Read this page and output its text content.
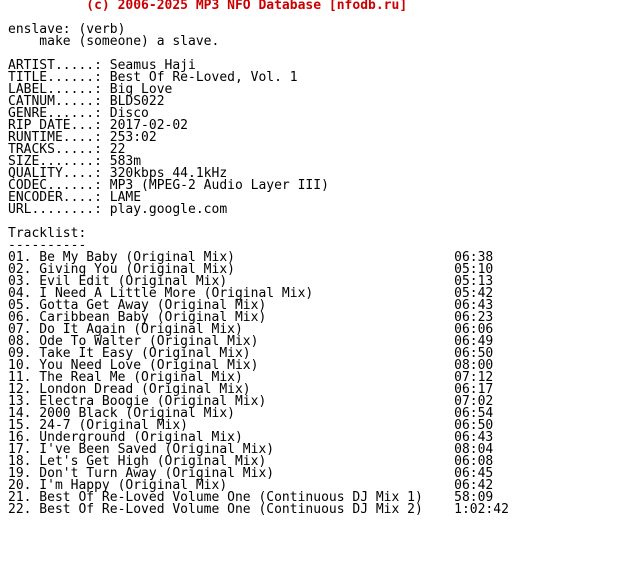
(c) 2006-2025 MP3 NFO Database [nfodb.ru]

enslave: (verb)
make (someone) a slave.

ARTIST.....: Seamus Haji
TITLE......: Best Of Re-Loved, Vol. 1
LABEL......: Big Love
CATNUM.....: BLDS022
GENRE......: Disco
RIP DATE...: 2017-02-02
RUNTIME....: 253:02
TRACKS.....: 22
SIZE.......: 583m
QUALITY....: 320kbps 44.1kHz
CODEC......: MP3 (MPEG-2 Audio Layer III)
ENCODER....: LAME
URL........: play.google.com

Tracklist:
----------
01. Be My Baby (Original Mix)                            06:38
02. Giving You (Original Mix)                            05:10
03. Evil Edit (Original Mix)                             05:13
04. I Need A Little More (Original Mix)                  05:42
05. Gotta Get Away (Original Mix)                        06:43
06. Caribbean Baby (Original Mix)                        06:23
07. Do It Again (Original Mix)                           06:06
08. Ode To Walter (Original Mix)                         06:49
09. Take It Easy (Original Mix)                          06:50
10. You Need Love (Original Mix)                         08:00
11. The Real Me (Original Mix)                           07:12
12. London Dread (Original Mix)                          06:17
13. Electra Boogie (Original Mix)                        07:02
14. 2000 Black (Original Mix)                            06:54
15. 24-7 (Original Mix)                                  06:50
16. Underground (Original Mix)                           06:43
17. I've Been Saved (Original Mix)                       08:04
18. Let's Get High (Original Mix)                        06:08
19. Don't Turn Away (Original Mix)                       06:45
20. I'm Happy (Original Mix)                             06:42
21. Best Of Re-Loved Volume One (Continuous DJ Mix 1)    58:09
22. Best Of Re-Loved Volume One (Continuous DJ Mix 2)    1:02:42
